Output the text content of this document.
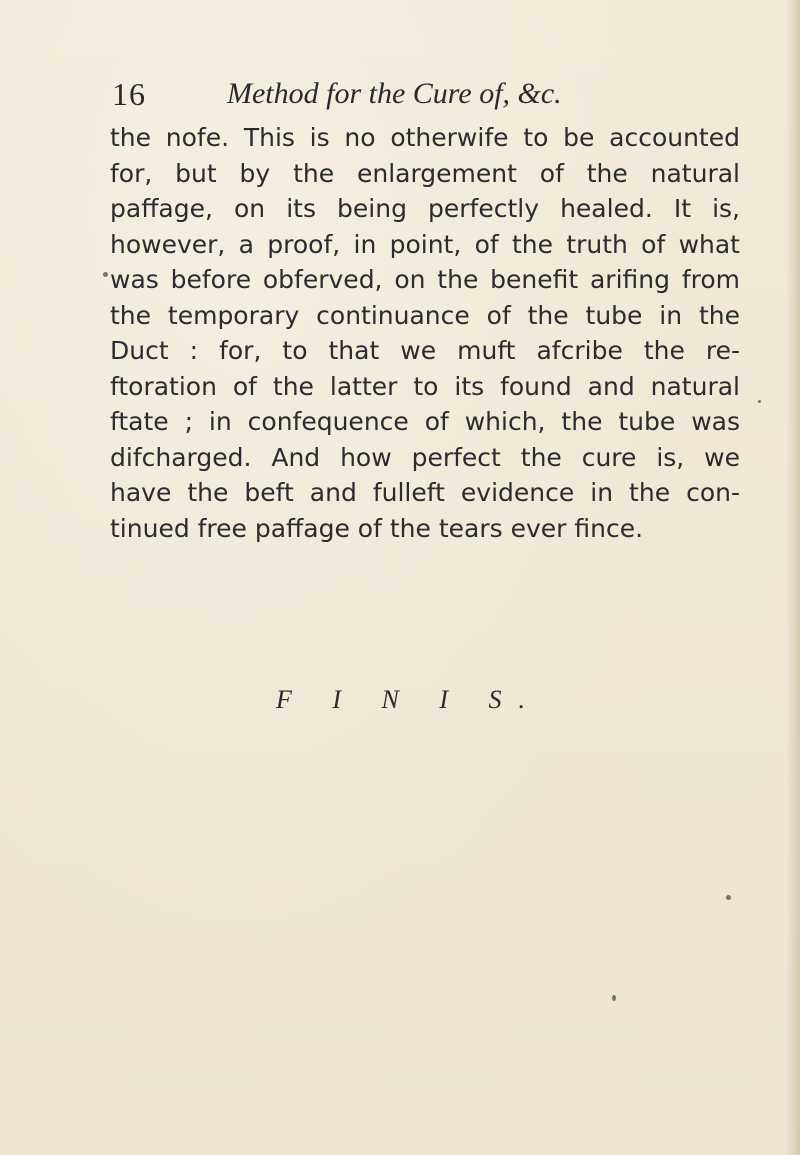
16	Method for the Cure of, &c.
the nofe. This is no otherwife to be accounted
for, but by the enlargement of the natural
paffage, on its being perfectly healed. It is,
however, a proof, in point, of the truth of what
was before obferved, on the benefit arifing from
the temporary continuance of the tube in the
Duct : for, to that we muft afcribe the re-
ftoration of the latter to its found and natural
ftate ; in confequence of which, the tube was
difcharged. And how perfect the cure is, we
have the beft and fulleft evidence in the con-
tinued free paffage of the tears ever fince.
F I N I S.
